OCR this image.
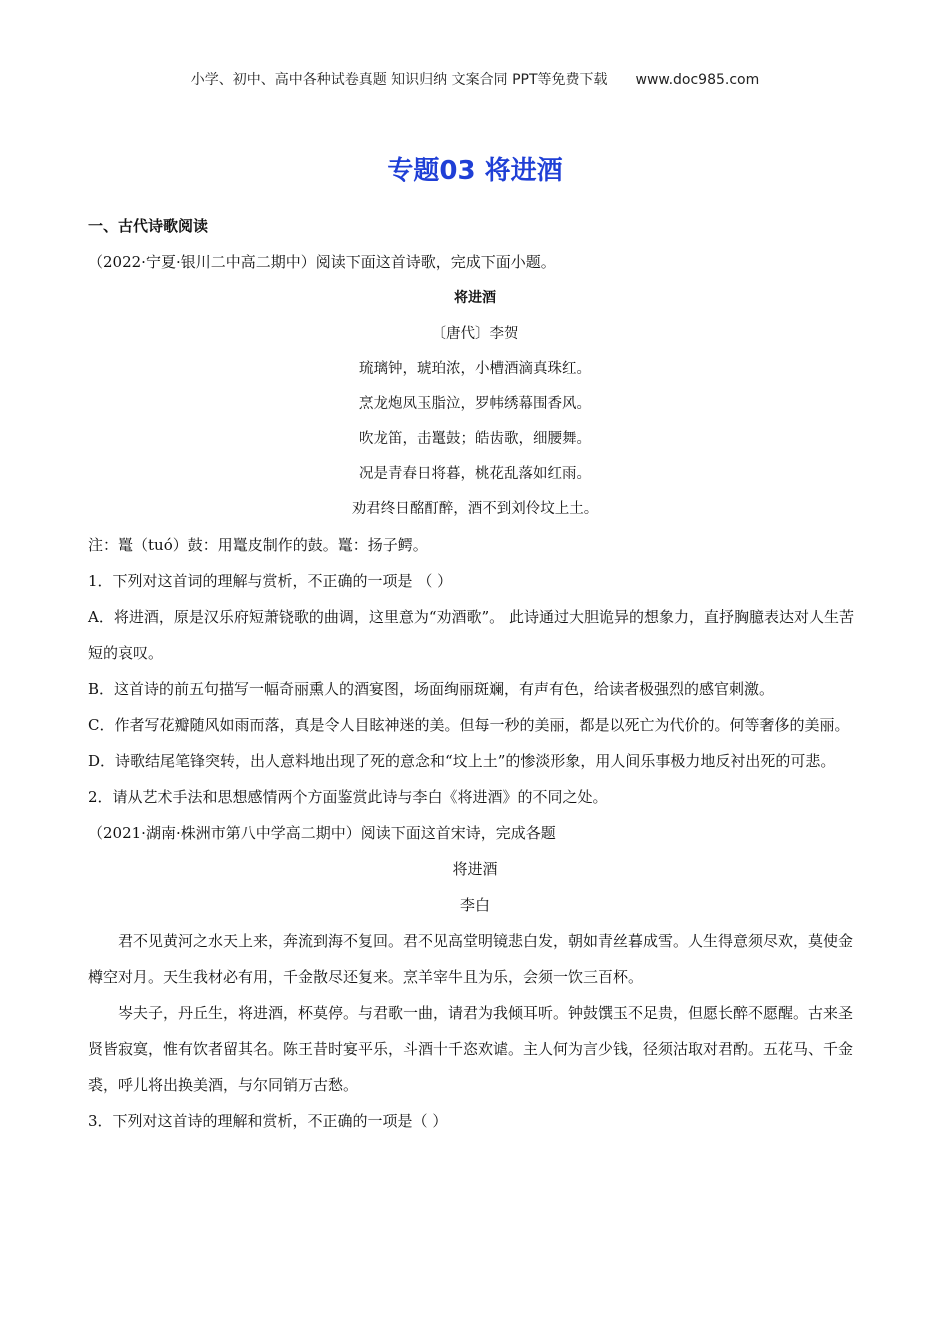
小学、初中、高中各种试卷真题 知识归纳 文案合同 PPT等免费下载 www.doc985.com
专题03 将进酒

一、古代诗歌阅读

（2022·宁夏·银川二中高二期中）阅读下面这首诗歌，完成下面小题。

将进酒

〔唐代〕李贺

琉璃钟，琥珀浓，小槽酒滴真珠红。

烹龙炮凤玉脂泣，罗帏绣幕围香风。

吹龙笛，击鼍鼓；皓齿歌，细腰舞。

况是青春日将暮，桃花乱落如红雨。

劝君终日酩酊醉，酒不到刘伶坟上土。

注：鼍（tuó）鼓：用鼍皮制作的鼓。鼍：扬子鳄。

1．下列对这首词的理解与赏析，不正确的一项是 （ ）

A．将进酒，原是汉乐府短萧铙歌的曲调，这里意为“劝酒歌”。 此诗通过大胆诡异的想象力，直抒胸臆表达对人生苦短的哀叹。

B．这首诗的前五句描写一幅奇丽熏人的酒宴图，场面绚丽斑斓，有声有色，给读者极强烈的感官刺激。

C．作者写花瓣随风如雨而落，真是令人目眩神迷的美。但每一秒的美丽，都是以死亡为代价的。何等奢侈的美丽。

D．诗歌结尾笔锋突转，出人意料地出现了死的意念和“坟上土”的惨淡形象，用人间乐事极力地反衬出死的可悲。

2．请从艺术手法和思想感情两个方面鉴赏此诗与李白《将进酒》的不同之处。

（2021·湖南·株洲市第八中学高二期中）阅读下面这首宋诗，完成各题

将进酒

李白

君不见黄河之水天上来，奔流到海不复回。君不见高堂明镜悲白发，朝如青丝暮成雪。人生得意须尽欢，莫使金樽空对月。天生我材必有用，千金散尽还复来。烹羊宰牛且为乐，会须一饮三百杯。

岑夫子，丹丘生，将进酒，杯莫停。与君歌一曲，请君为我倾耳听。钟鼓馔玉不足贵，但愿长醉不愿醒。古来圣贤皆寂寞，惟有饮者留其名。陈王昔时宴平乐，斗酒十千恣欢谑。主人何为言少钱，径须沽取对君酌。五花马、千金裘，呼儿将出换美酒，与尔同销万古愁。

3．下列对这首诗的理解和赏析，不正确的一项是（ ）
